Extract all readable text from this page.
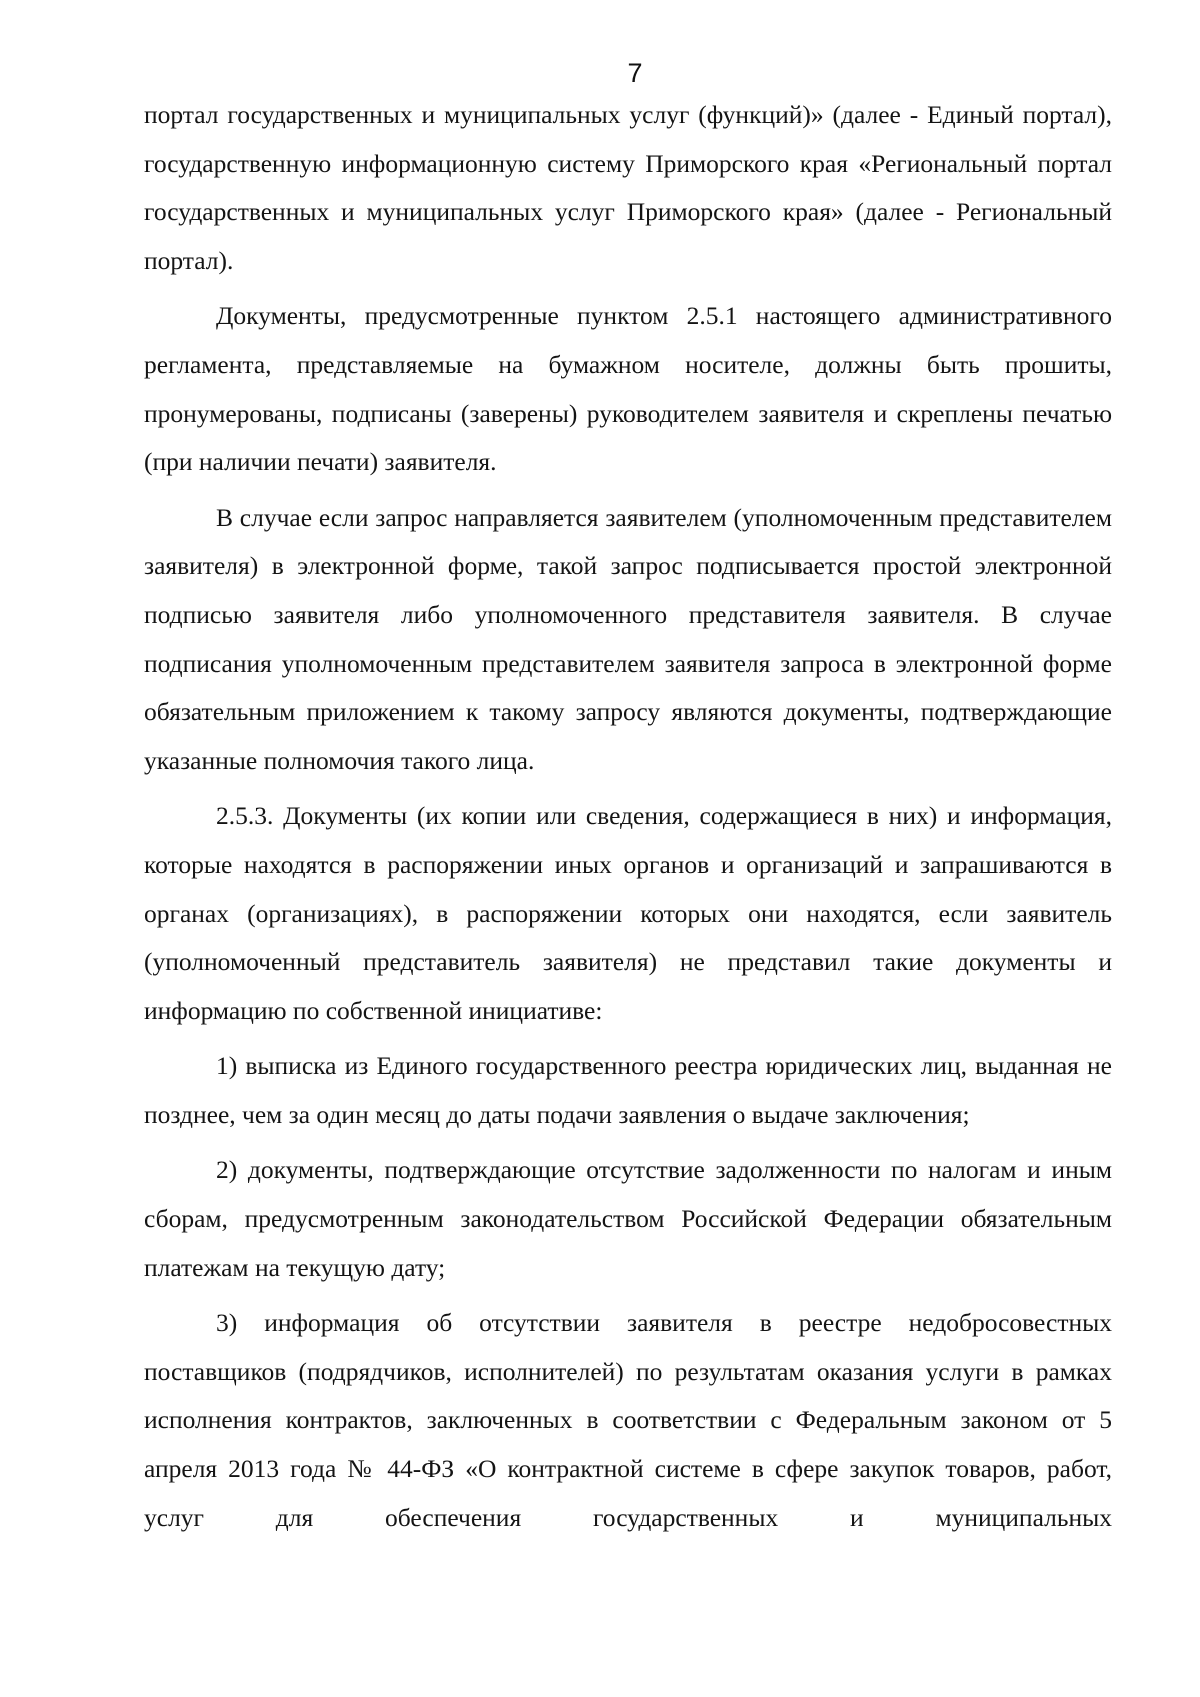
7

портал государственных и муниципальных услуг (функций)» (далее - Единый портал), государственную информационную систему Приморского края «Региональный портал государственных и муниципальных услуг Приморского края» (далее - Региональный портал).

Документы, предусмотренные пунктом 2.5.1 настоящего административного регламента, представляемые на бумажном носителе, должны быть прошиты, пронумерованы, подписаны (заверены) руководителем заявителя и скреплены печатью (при наличии печати) заявителя.

В случае если запрос направляется заявителем (уполномоченным представителем заявителя) в электронной форме, такой запрос подписывается простой электронной подписью заявителя либо уполномоченного представителя заявителя. В случае подписания уполномоченным представителем заявителя запроса в электронной форме обязательным приложением к такому запросу являются документы, подтверждающие указанные полномочия такого лица.

2.5.3. Документы (их копии или сведения, содержащиеся в них) и информация, которые находятся в распоряжении иных органов и организаций и запрашиваются в органах (организациях), в распоряжении которых они находятся, если заявитель (уполномоченный представитель заявителя) не представил такие документы и информацию по собственной инициативе:

1) выписка из Единого государственного реестра юридических лиц, выданная не позднее, чем за один месяц до даты подачи заявления о выдаче заключения;

2) документы, подтверждающие отсутствие задолженности по налогам и иным сборам, предусмотренным законодательством Российской Федерации обязательным платежам на текущую дату;

3) информация об отсутствии заявителя в реестре недобросовестных поставщиков (подрядчиков, исполнителей) по результатам оказания услуги в рамках исполнения контрактов, заключенных в соответствии с Федеральным законом от 5 апреля 2013 года № 44-ФЗ «О контрактной системе в сфере закупок товаров, работ, услуг для обеспечения государственных и муниципальных
